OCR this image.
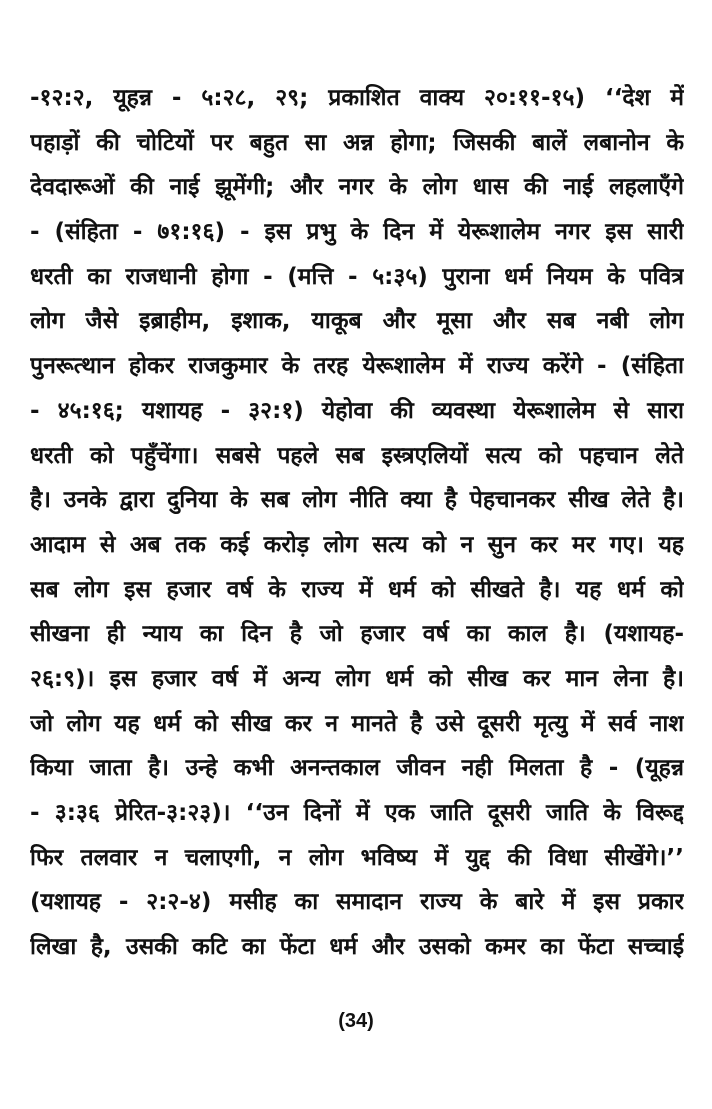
-१२:२, यूहन्न - ५:२८, २९; प्रकाशित वाक्य २०:११-१५) ‘‘देश में
पहाड़ों की चोटियों पर बहुत सा अन्न होगा; जिसकी बालें लबानोन के
देवदारूओं की नाई झूमेंगी; और नगर के लोग धास की नाई लहलाएँगे
- (संहिता - ७१:१६) - इस प्रभु के दिन में येरूशालेम नगर इस सारी
धरती का राजधानी होगा - (मत्ति - ५:३५) पुराना धर्म नियम के पवित्र
लोग जैसे इब्राहीम, इशाक, याकूब और मूसा और सब नबी लोग
पुनरूत्थान होकर राजकुमार के तरह येरूशालेम में राज्य करेंगे - (संहिता
- ४५:१६; यशायह - ३२:१) येहोवा की व्यवस्था येरूशालेम से सारा
धरती को पहुँचेंगा। सबसे पहले सब इस्त्रएलियों सत्य को पहचान लेते
है। उनके द्वारा दुनिया के सब लोग नीति क्या है पेहचानकर सीख लेते है।
आदाम से अब तक कई करोड़ लोग सत्य को न सुन कर मर गए। यह
सब लोग इस हजार वर्ष के राज्य में धर्म को सीखते है। यह धर्म को
सीखना ही न्याय का दिन है जो हजार वर्ष का काल है। (यशायह-
२६:९)। इस हजार वर्ष में अन्य लोग धर्म को सीख कर मान लेना है।
जो लोग यह धर्म को सीख कर न मानते है उसे दूसरी मृत्यु में सर्व नाश
किया जाता है। उन्हे कभी अनन्तकाल जीवन नही मिलता है - (यूहन्न
- ३:३६ प्रेरित-३:२३)। ‘‘उन दिनों में एक जाति दूसरी जाति के विरूद्द
फिर तलवार न चलाएगी, न लोग भविष्य में युद्द की विधा सीखेंगे।’’
(यशायह - २:२-४) मसीह का समादान राज्य के बारे में इस प्रकार
लिखा है, उसकी कटि का फेंटा धर्म और उसको कमर का फेंटा सच्चाई
(34)
